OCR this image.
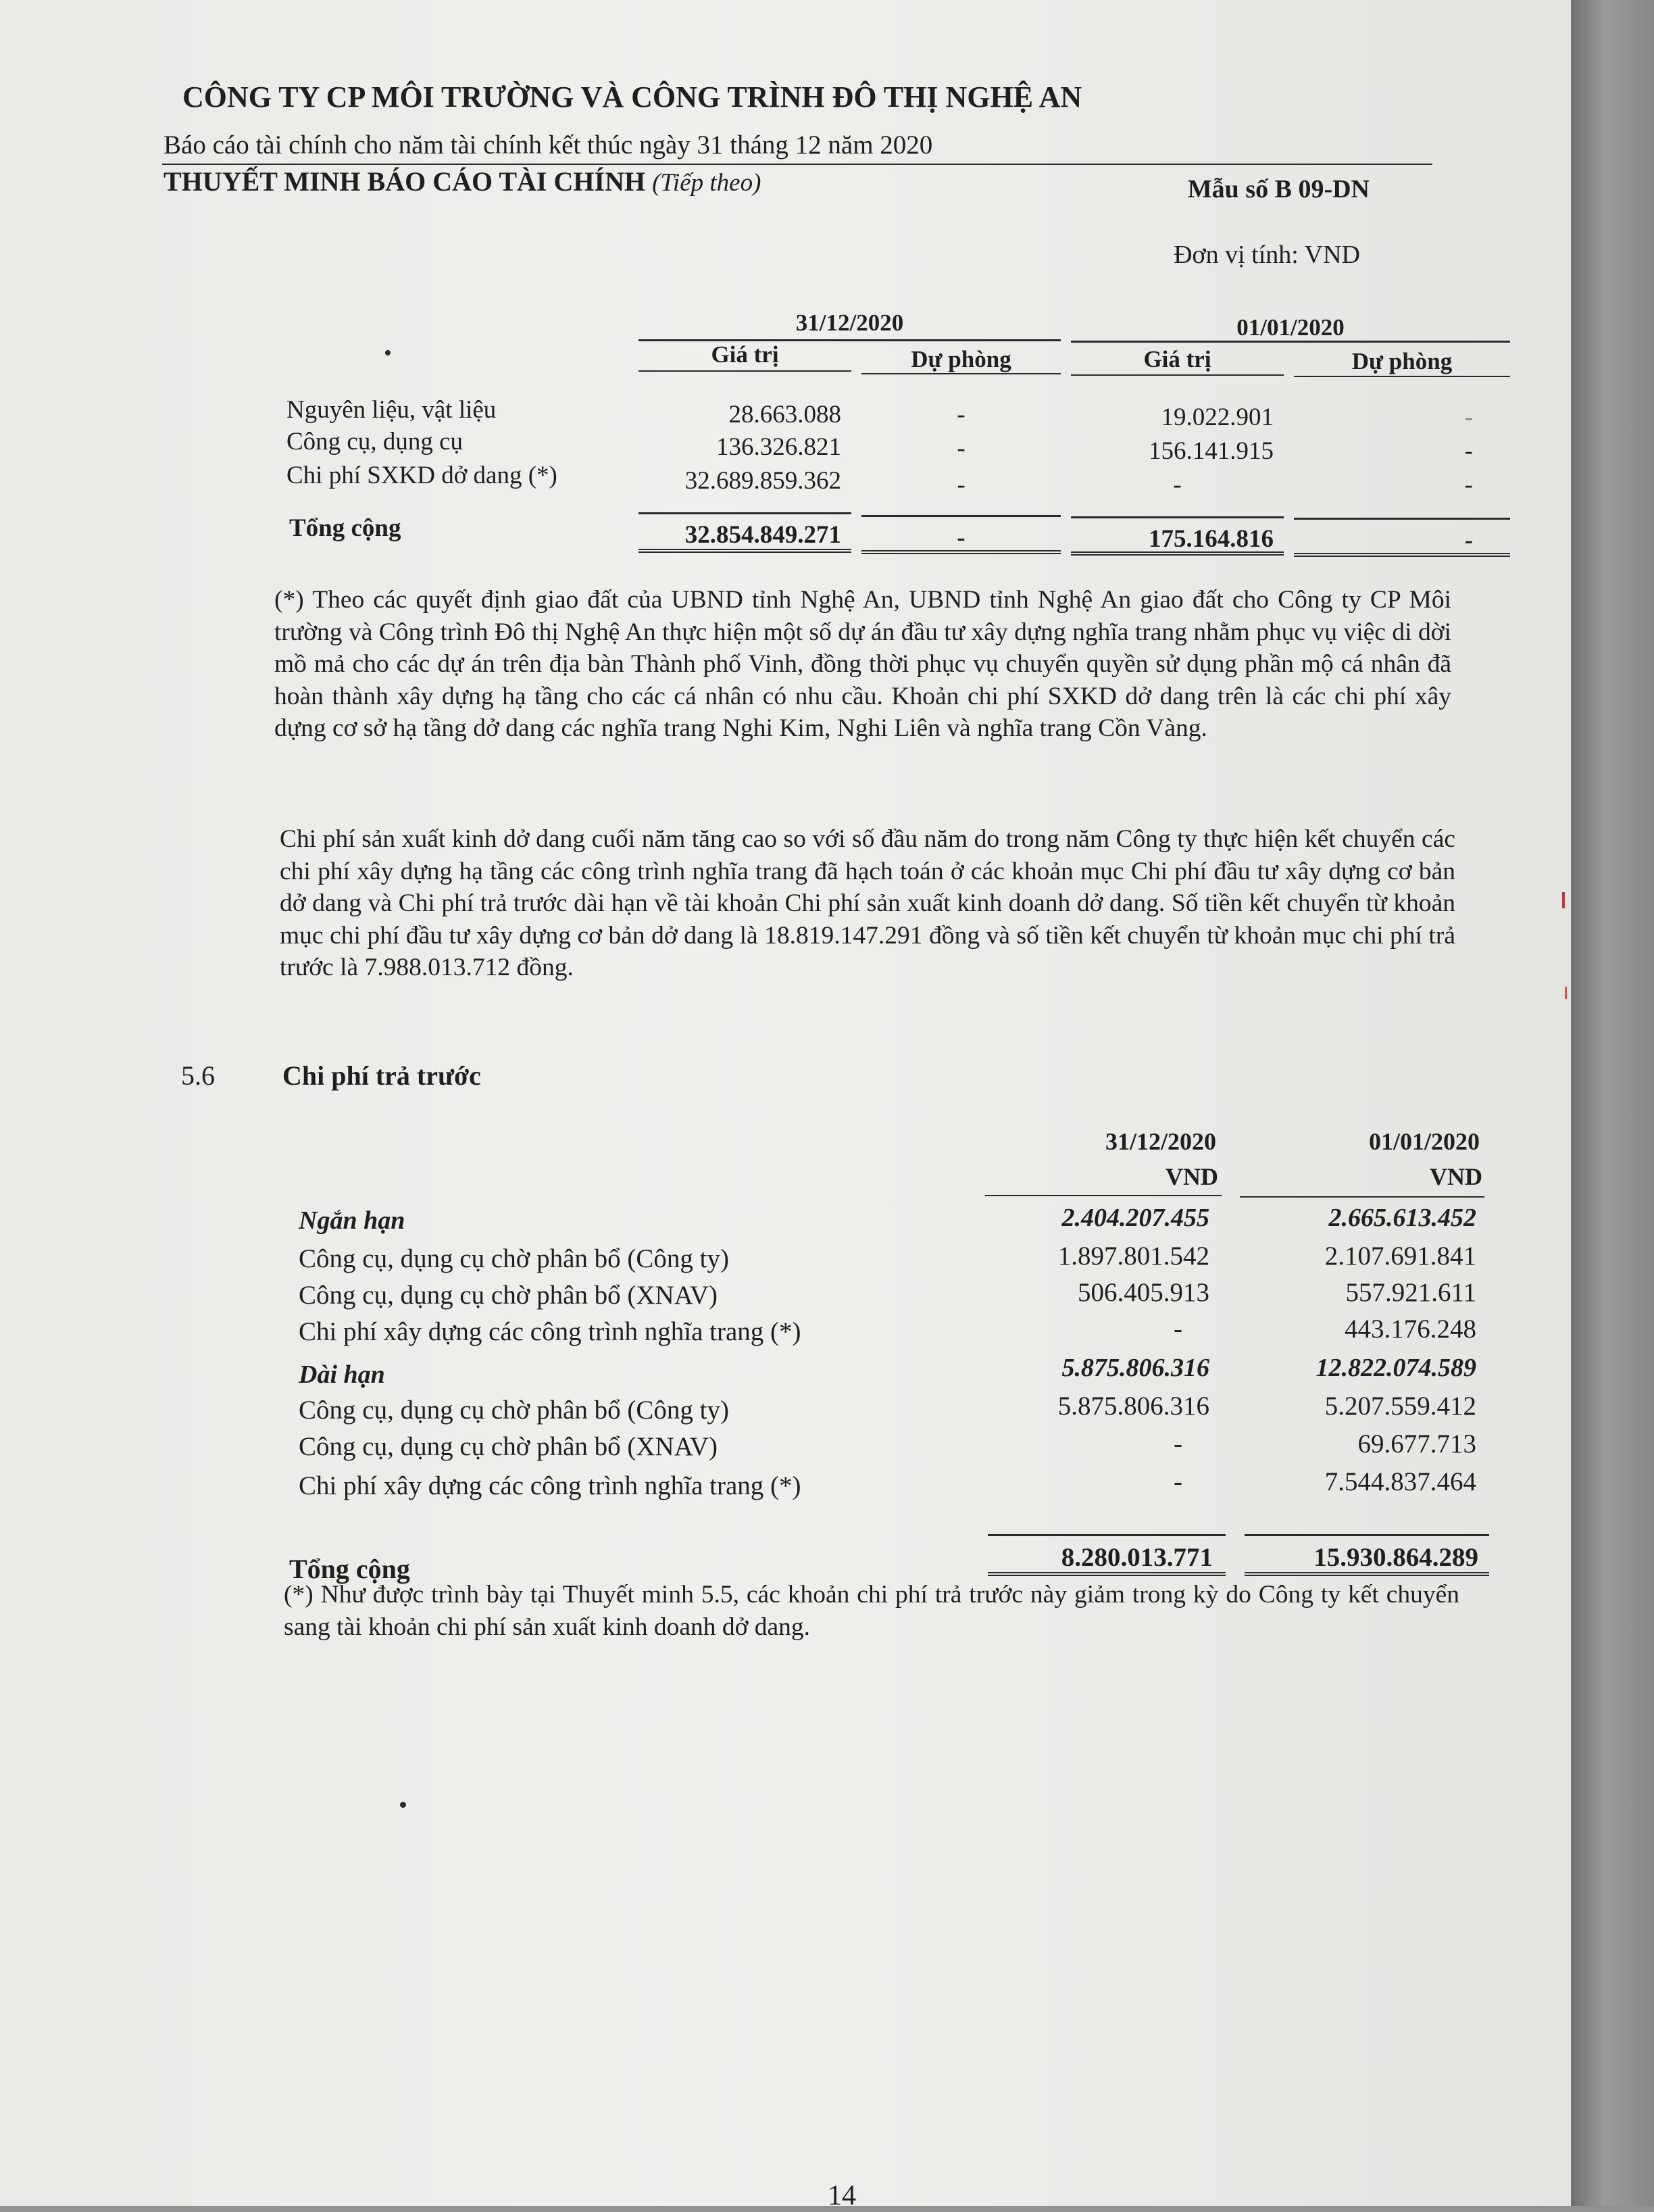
CÔNG TY CP MÔI TRƯỜNG VÀ CÔNG TRÌNH ĐÔ THỊ NGHỆ AN
Báo cáo tài chính cho năm tài chính kết thúc ngày 31 tháng 12 năm 2020
THUYẾT MINH BÁO CÁO TÀI CHÍNH (Tiếp theo)	Mẫu số B 09-DN
Đơn vị tính: VND
31/12/2020	01/01/2020
Giá trị	Dự phòng	Giá trị	Dự phòng
Nguyên liệu, vật liệu	28.663.088	-	19.022.901	-
Công cụ, dụng cụ	136.326.821	-	156.141.915	-
Chi phí SXKD dở dang (*)	32.689.859.362	-	-	-
Tổng cộng	32.854.849.271	-	175.164.816	-

(*) Theo các quyết định giao đất của UBND tỉnh Nghệ An, UBND tỉnh Nghệ An giao đất cho Công ty CP Môi trường và Công trình Đô thị Nghệ An thực hiện một số dự án đầu tư xây dựng nghĩa trang nhằm phục vụ việc di dời mồ mả cho các dự án trên địa bàn Thành phố Vinh, đồng thời phục vụ chuyển quyền sử dụng phần mộ cá nhân đã hoàn thành xây dựng hạ tầng cho các cá nhân có nhu cầu. Khoản chi phí SXKD dở dang trên là các chi phí xây dựng cơ sở hạ tầng dở dang các nghĩa trang Nghi Kim, Nghi Liên và nghĩa trang Cồn Vàng.

Chi phí sản xuất kinh dở dang cuối năm tăng cao so với số đầu năm do trong năm Công ty thực hiện kết chuyển các chi phí xây dựng hạ tầng các công trình nghĩa trang đã hạch toán ở các khoản mục Chi phí đầu tư xây dựng cơ bản dở dang và Chi phí trả trước dài hạn về tài khoản Chi phí sản xuất kinh doanh dở dang. Số tiền kết chuyển từ khoản mục chi phí đầu tư xây dựng cơ bản dở dang là 18.819.147.291 đồng và số tiền kết chuyển từ khoản mục chi phí trả trước là 7.988.013.712 đồng.

5.6	Chi phí trả trước
31/12/2020	01/01/2020
VND	VND
Ngắn hạn	2.404.207.455	2.665.613.452
Công cụ, dụng cụ chờ phân bổ (Công ty)	1.897.801.542	2.107.691.841
Công cụ, dụng cụ chờ phân bổ (XNAV)	506.405.913	557.921.611
Chi phí xây dựng các công trình nghĩa trang (*)	-	443.176.248
Dài hạn	5.875.806.316	12.822.074.589
Công cụ, dụng cụ chờ phân bổ (Công ty)	5.875.806.316	5.207.559.412
Công cụ, dụng cụ chờ phân bổ (XNAV)	-	69.677.713
Chi phí xây dựng các công trình nghĩa trang (*)	-	7.544.837.464
Tổng cộng	8.280.013.771	15.930.864.289

(*) Như được trình bày tại Thuyết minh 5.5, các khoản chi phí trả trước này giảm trong kỳ do Công ty kết chuyển sang tài khoản chi phí sản xuất kinh doanh dở dang.

14
